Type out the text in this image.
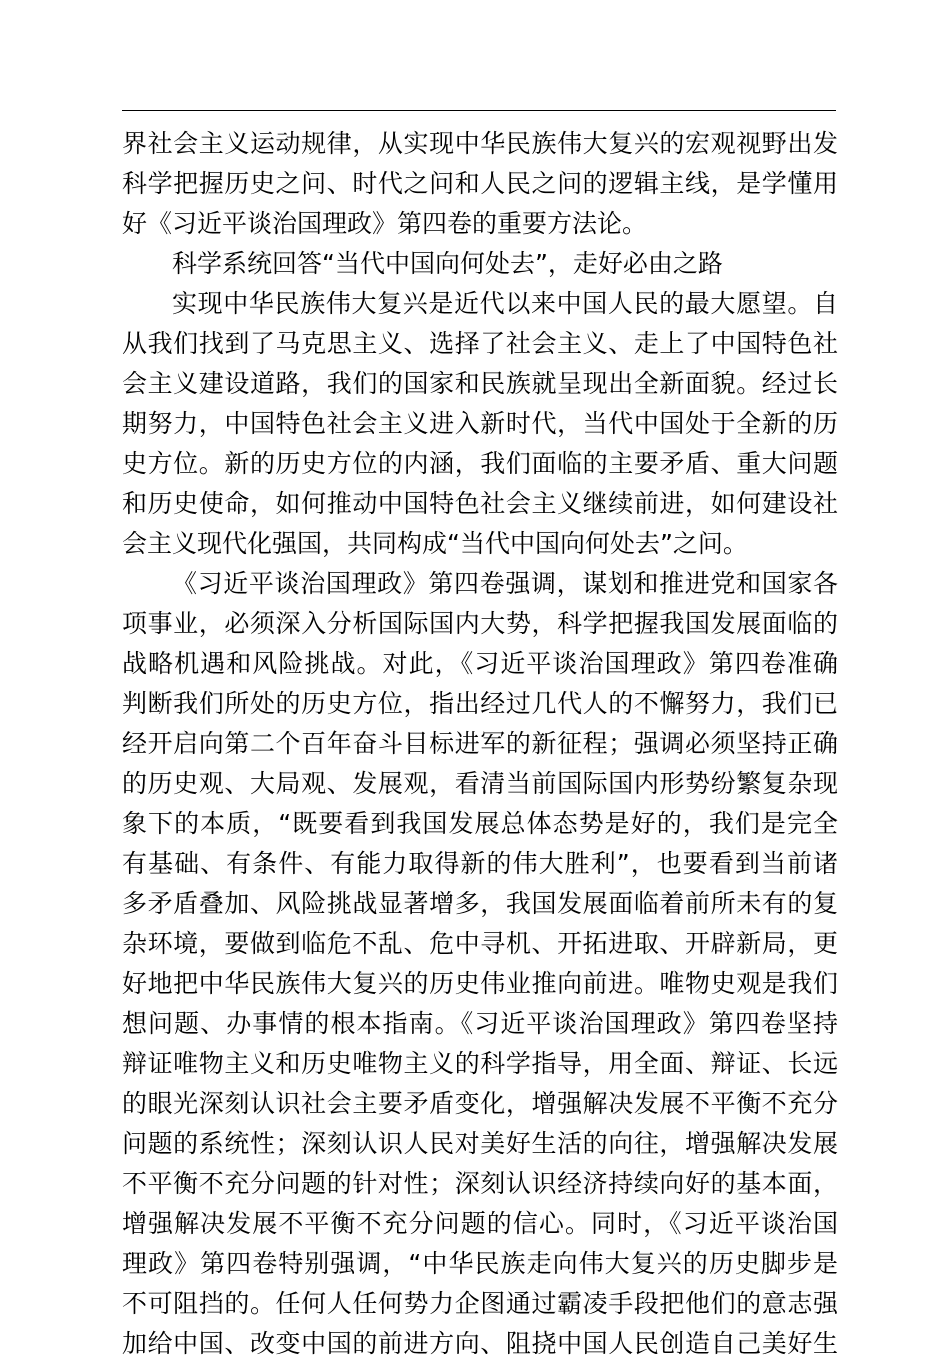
界社会主义运动规律，从实现中华民族伟大复兴的宏观视野出发
科学把握历史之问、时代之问和人民之问的逻辑主线，是学懂用
好《习近平谈治国理政》第四卷的重要方法论。
科学系统回答“当代中国向何处去”，走好必由之路
实现中华民族伟大复兴是近代以来中国人民的最大愿望。自
从我们找到了马克思主义、选择了社会主义、走上了中国特色社
会主义建设道路，我们的国家和民族就呈现出全新面貌。经过长
期努力，中国特色社会主义进入新时代，当代中国处于全新的历
史方位。新的历史方位的内涵，我们面临的主要矛盾、重大问题
和历史使命，如何推动中国特色社会主义继续前进，如何建设社
会主义现代化强国，共同构成“当代中国向何处去”之问。
《习近平谈治国理政》第四卷强调，谋划和推进党和国家各
项事业，必须深入分析国际国内大势，科学把握我国发展面临的
战略机遇和风险挑战。对此，《习近平谈治国理政》第四卷准确
判断我们所处的历史方位，指出经过几代人的不懈努力，我们已
经开启向第二个百年奋斗目标进军的新征程；强调必须坚持正确
的历史观、大局观、发展观，看清当前国际国内形势纷繁复杂现
象下的本质，“既要看到我国发展总体态势是好的，我们是完全
有基础、有条件、有能力取得新的伟大胜利”，也要看到当前诸
多矛盾叠加、风险挑战显著增多，我国发展面临着前所未有的复
杂环境，要做到临危不乱、危中寻机、开拓进取、开辟新局，更
好地把中华民族伟大复兴的历史伟业推向前进。唯物史观是我们
想问题、办事情的根本指南。《习近平谈治国理政》第四卷坚持
辩证唯物主义和历史唯物主义的科学指导，用全面、辩证、长远
的眼光深刻认识社会主要矛盾变化，增强解决发展不平衡不充分
问题的系统性；深刻认识人民对美好生活的向往，增强解决发展
不平衡不充分问题的针对性；深刻认识经济持续向好的基本面，
增强解决发展不平衡不充分问题的信心。同时，《习近平谈治国
理政》第四卷特别强调，“中华民族走向伟大复兴的历史脚步是
不可阻挡的。任何人任何势力企图通过霸凌手段把他们的意志强
加给中国、改变中国的前进方向、阻挠中国人民创造自己美好生
